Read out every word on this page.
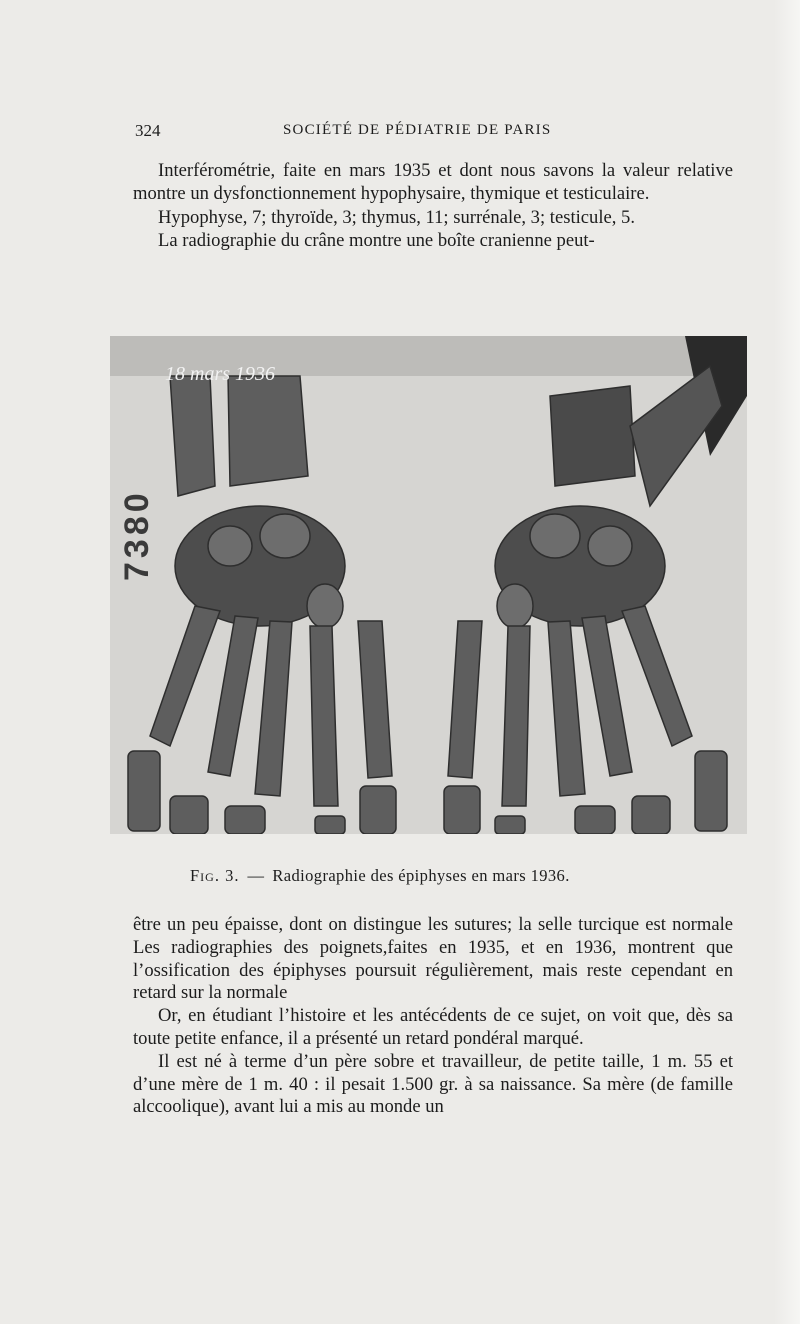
324	SOCIÉTÉ DE PÉDIATRIE DE PARIS

Interférométrie, faite en mars 1935 et dont nous savons la valeur relative montre un dysfonctionnement hypophysaire, thymique et testiculaire.

Hypophyse, 7; thyroïde, 3; thymus, 11; surrénale, 3; testicule, 5.

La radiographie du crâne montre une boîte cranienne peut-

7380
18 mars 1936
Fig. 3. — Radiographie des épiphyses en mars 1936.

être un peu épaisse, dont on distingue les sutures; la selle turcique est normale Les radiographies des poignets,faites en 1935, et en 1936, montrent que l’ossification des épiphyses poursuit régulièrement, mais reste cependant en retard sur la normale

Or, en étudiant l’histoire et les antécédents de ce sujet, on voit que, dès sa toute petite enfance, il a présenté un retard pondéral marqué.

Il est né à terme d’un père sobre et travailleur, de petite taille, 1 m. 55 et d’une mère de 1 m. 40 : il pesait 1.500 gr. à sa naissance. Sa mère (de famille alccoolique), avant lui a mis au monde un
